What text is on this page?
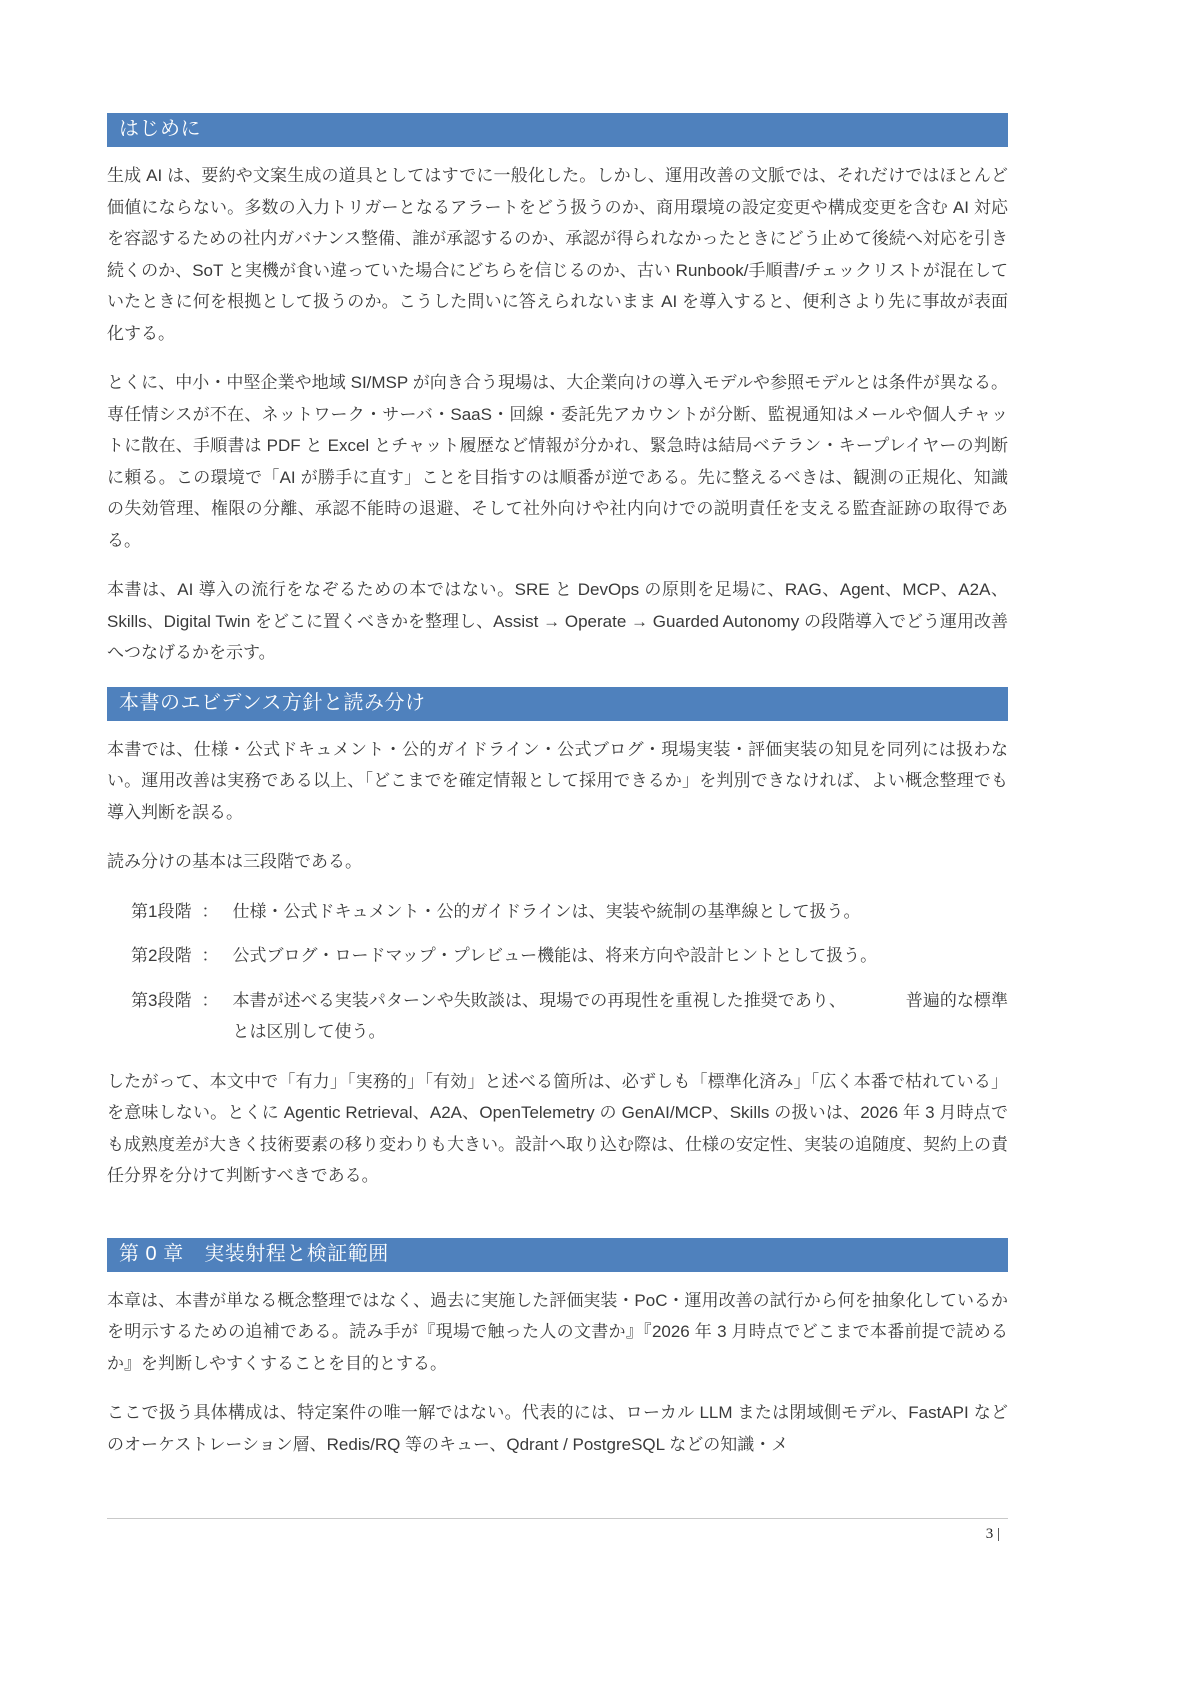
はじめに

生成 AI は、要約や文案生成の道具としてはすでに一般化した。しかし、運用改善の文脈では、それだけではほとんど価値にならない。多数の入力トリガーとなるアラートをどう扱うのか、商用環境の設定変更や構成変更を含む AI 対応を容認するための社内ガバナンス整備、誰が承認するのか、承認が得られなかったときにどう止めて後続へ対応を引き続くのか、SoT と実機が食い違っていた場合にどちらを信じるのか、古い Runbook/手順書/チェックリストが混在していたときに何を根拠として扱うのか。こうした問いに答えられないまま AI を導入すると、便利さより先に事故が表面化する。

とくに、中小・中堅企業や地域 SI/MSP が向き合う現場は、大企業向けの導入モデルや参照モデルとは条件が異なる。専任情シスが不在、ネットワーク・サーバ・SaaS・回線・委託先アカウントが分断、監視通知はメールや個人チャットに散在、手順書は PDF と Excel とチャット履歴など情報が分かれ、緊急時は結局ベテラン・キープレイヤーの判断に頼る。この環境で「AI が勝手に直す」ことを目指すのは順番が逆である。先に整えるべきは、観測の正規化、知識の失効管理、権限の分離、承認不能時の退避、そして社外向けや社内向けでの説明責任を支える監査証跡の取得である。

本書は、AI 導入の流行をなぞるための本ではない。SRE と DevOps の原則を足場に、RAG、Agent、MCP、A2A、Skills、Digital Twin をどこに置くべきかを整理し、Assist → Operate → Guarded Autonomy の段階導入でどう運用改善へつなげるかを示す。

本書のエビデンス方針と読み分け

本書では、仕様・公式ドキュメント・公的ガイドライン・公式ブログ・現場実装・評価実装の知見を同列には扱わない。運用改善は実務である以上、「どこまでを確定情報として採用できるか」を判別できなければ、よい概念整理でも導入判断を誤る。

読み分けの基本は三段階である。

第1段階 ： 仕様・公式ドキュメント・公的ガイドラインは、実装や統制の基準線として扱う。
第2段階 ： 公式ブログ・ロードマップ・プレビュー機能は、将来方向や設計ヒントとして扱う。
第3段階 ： 本書が述べる実装パターンや失敗談は、現場での再現性を重視した推奨であり、　　　　普遍的な標準とは区別して使う。

したがって、本文中で「有力」「実務的」「有効」と述べる箇所は、必ずしも「標準化済み」「広く本番で枯れている」を意味しない。とくに Agentic Retrieval、A2A、OpenTelemetry の GenAI/MCP、Skills の扱いは、2026 年 3 月時点でも成熟度差が大きく技術要素の移り変わりも大きい。設計へ取り込む際は、仕様の安定性、実装の追随度、契約上の責任分界を分けて判断すべきである。

第 0 章　実装射程と検証範囲

本章は、本書が単なる概念整理ではなく、過去に実施した評価実装・PoC・運用改善の試行から何を抽象化しているかを明示するための追補である。読み手が『現場で触った人の文書か』『2026 年 3 月時点でどこまで本番前提で読めるか』を判断しやすくすることを目的とする。

ここで扱う具体構成は、特定案件の唯一解ではない。代表的には、ローカル LLM または閉域側モデル、FastAPI などのオーケストレーション層、Redis/RQ 等のキュー、Qdrant / PostgreSQL などの知識・メ

3 |
